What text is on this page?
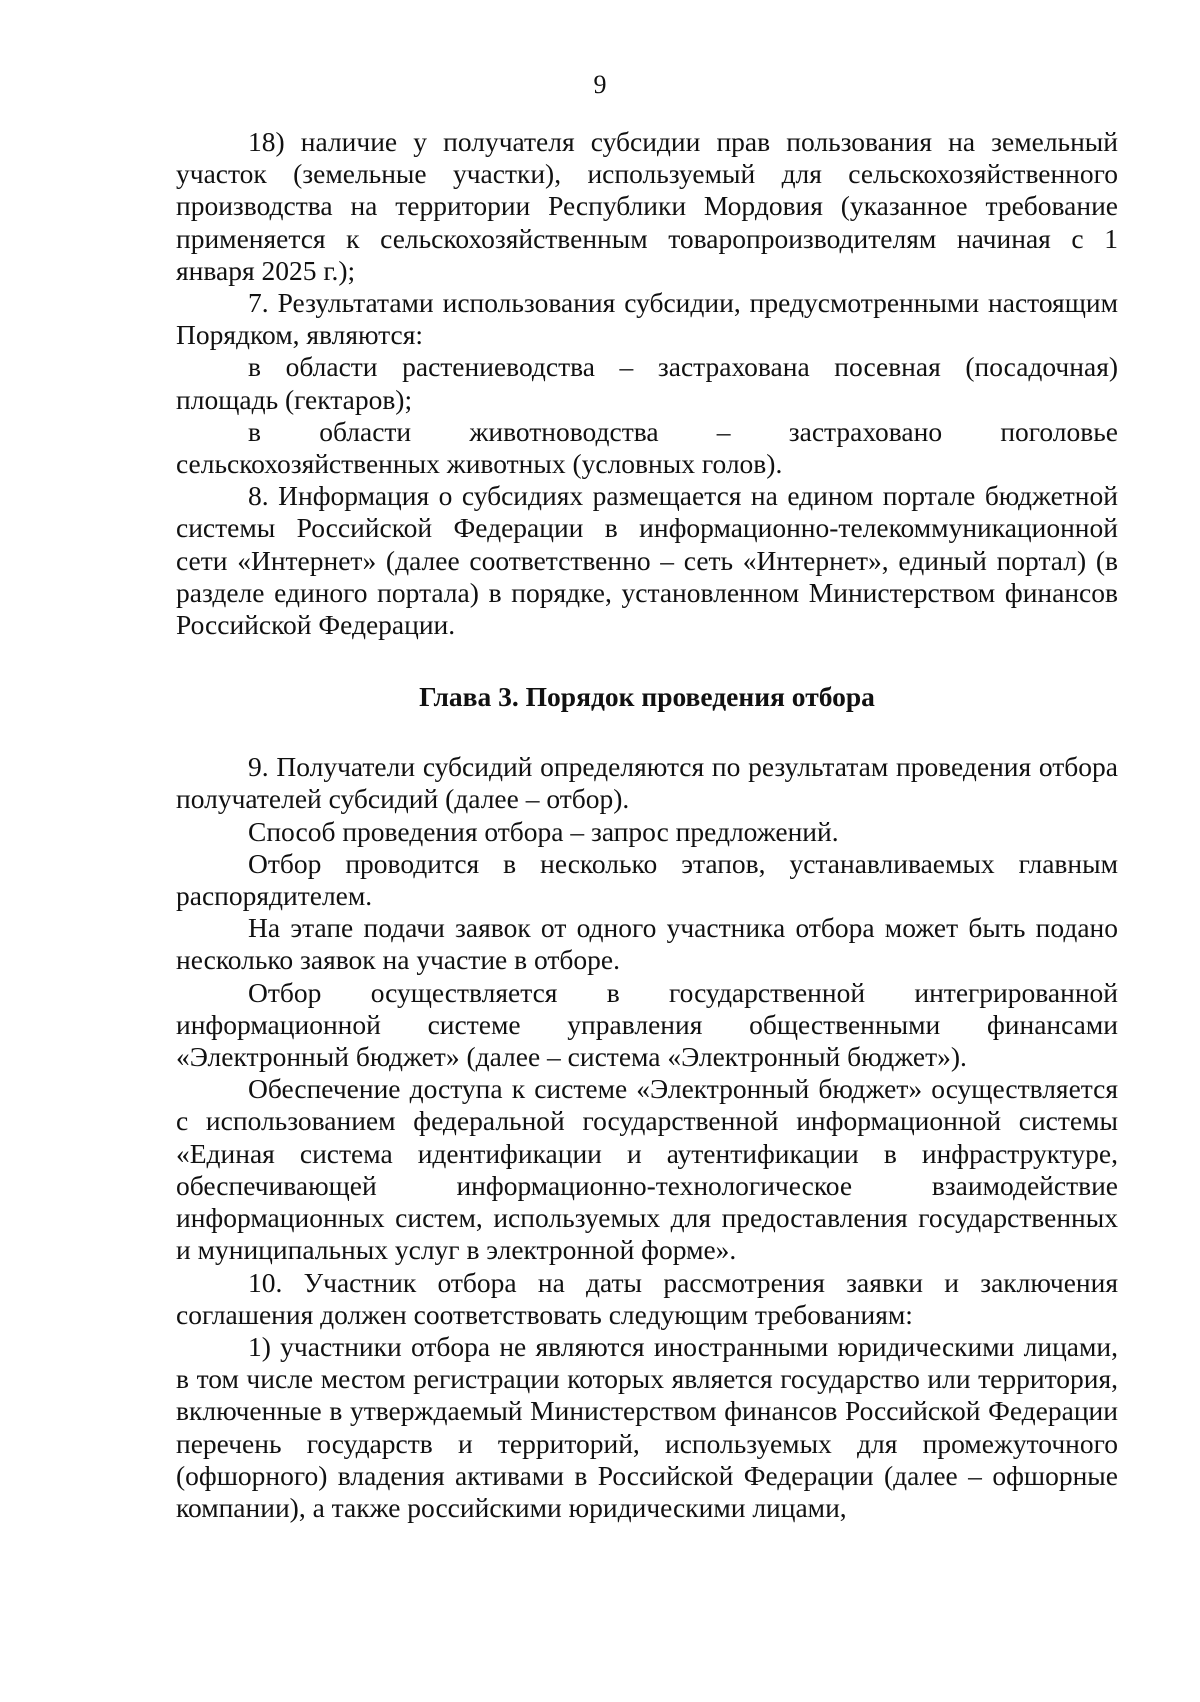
9

18) наличие у получателя субсидии прав пользования на земельный участок (земельные участки), используемый для сельскохозяйственного производства на территории Республики Мордовия (указанное требование применяется к сельскохозяйственным товаропроизводителям начиная с 1 января 2025 г.);

7. Результатами использования субсидии, предусмотренными настоящим Порядком, являются:

в области растениеводства – застрахована посевная (посадочная) площадь (гектаров);

в области животноводства – застраховано поголовье сельскохозяйственных животных (условных голов).

8. Информация о субсидиях размещается на едином портале бюджетной системы Российской Федерации в информационно-телекоммуникационной сети «Интернет» (далее соответственно – сеть «Интернет», единый портал) (в разделе единого портала) в порядке, установленном Министерством финансов Российской Федерации.

Глава 3. Порядок проведения отбора

9. Получатели субсидий определяются по результатам проведения отбора получателей субсидий (далее – отбор).

Способ проведения отбора – запрос предложений.

Отбор проводится в несколько этапов, устанавливаемых главным распорядителем.

На этапе подачи заявок от одного участника отбора может быть подано несколько заявок на участие в отборе.

Отбор осуществляется в государственной интегрированной информационной системе управления общественными финансами «Электронный бюджет» (далее – система «Электронный бюджет»).

Обеспечение доступа к системе «Электронный бюджет» осуществляется с использованием федеральной государственной информационной системы «Единая система идентификации и аутентификации в инфраструктуре, обеспечивающей информационно-технологическое взаимодействие информационных систем, используемых для предоставления государственных и муниципальных услуг в электронной форме».

10. Участник отбора на даты рассмотрения заявки и заключения соглашения должен соответствовать следующим требованиям:

1) участники отбора не являются иностранными юридическими лицами, в том числе местом регистрации которых является государство или территория, включенные в утверждаемый Министерством финансов Российской Федерации перечень государств и территорий, используемых для промежуточного (офшорного) владения активами в Российской Федерации (далее – офшорные компании), а также российскими юридическими лицами,
